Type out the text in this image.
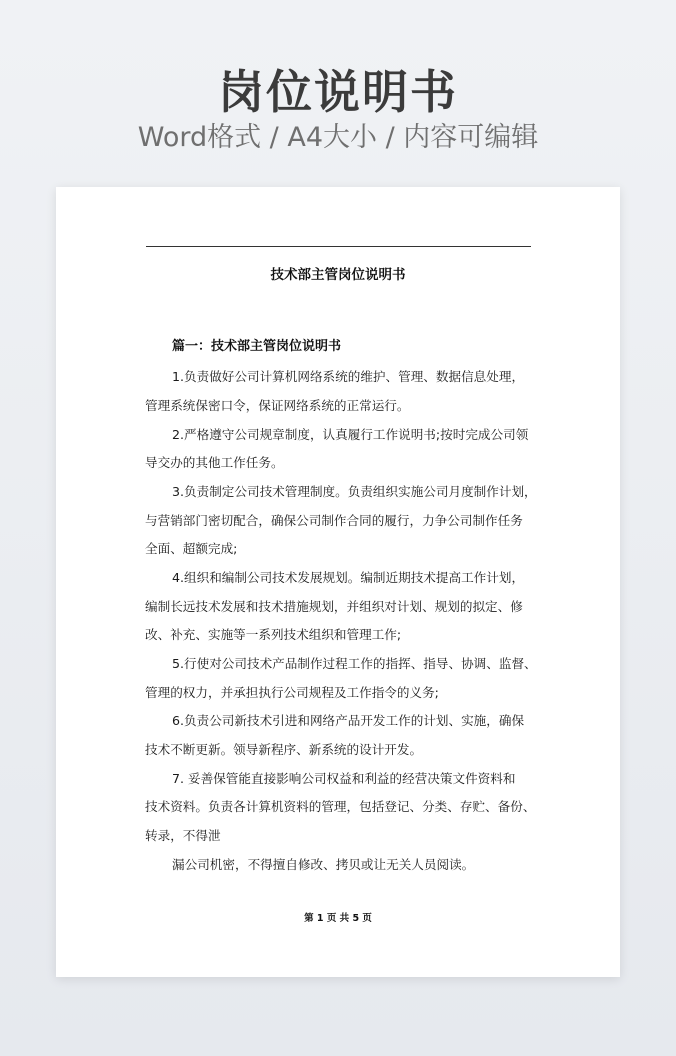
岗位说明书
Word格式 / A4大小 / 内容可编辑
技术部主管岗位说明书
篇一：技术部主管岗位说明书
1.负责做好公司计算机网络系统的维护、管理、数据信息处理，
管理系统保密口令，保证网络系统的正常运行。
2.严格遵守公司规章制度，认真履行工作说明书;按时完成公司领
导交办的其他工作任务。
3.负责制定公司技术管理制度。负责组织实施公司月度制作计划，
与营销部门密切配合，确保公司制作合同的履行，力争公司制作任务
全面、超额完成;
4.组织和编制公司技术发展规划。编制近期技术提高工作计划，
编制长远技术发展和技术措施规划，并组织对计划、规划的拟定、修
改、补充、实施等一系列技术组织和管理工作;
5.行使对公司技术产品制作过程工作的指挥、指导、协调、监督、
管理的权力，并承担执行公司规程及工作指令的义务;
6.负责公司新技术引进和网络产品开发工作的计划、实施，确保
技术不断更新。领导新程序、新系统的设计开发。
7. 妥善保管能直接影响公司权益和利益的经营决策文件资料和
技术资料。负责各计算机资料的管理，包括登记、分类、存贮、备份、
转录，不得泄
漏公司机密，不得擅自修改、拷贝或让无关人员阅读。
第 1 页 共 5 页
